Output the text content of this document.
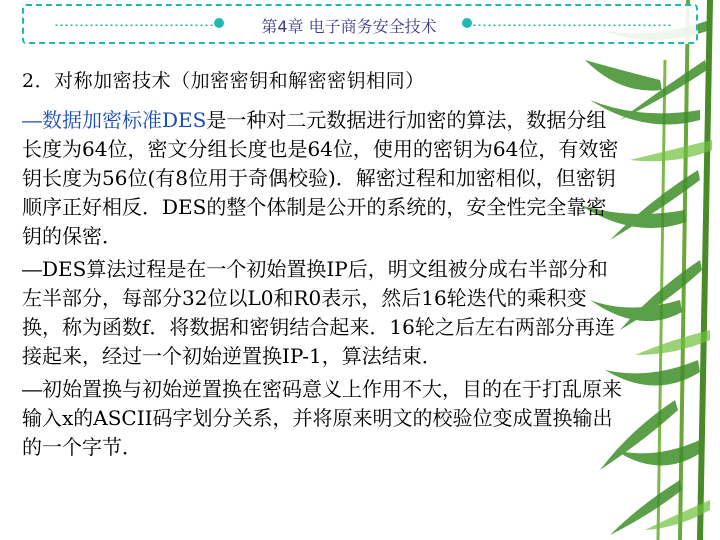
第4章 电子商务安全技术
2．对称加密技术（加密密钥和解密密钥相同）
―数据加密标准DES是一种对二元数据进行加密的算法，数据分组长度为64位，密文分组长度也是64位，使用的密钥为64位，有效密钥长度为56位(有8位用于奇偶校验)．解密过程和加密相似，但密钥顺序正好相反．DES的整个体制是公开的系统的，安全性完全靠密钥的保密．
―DES算法过程是在一个初始置换IP后，明文组被分成右半部分和左半部分，每部分32位以L0和R0表示，然后16轮迭代的乘积变换，称为函数f．将数据和密钥结合起来．16轮之后左右两部分再连接起来，经过一个初始逆置换IP-1，算法结束．
―初始置换与初始逆置换在密码意义上作用不大，目的在于打乱原来输入x的ASCII码字划分关系，并将原来明文的校验位变成置换输出的一个字节．
